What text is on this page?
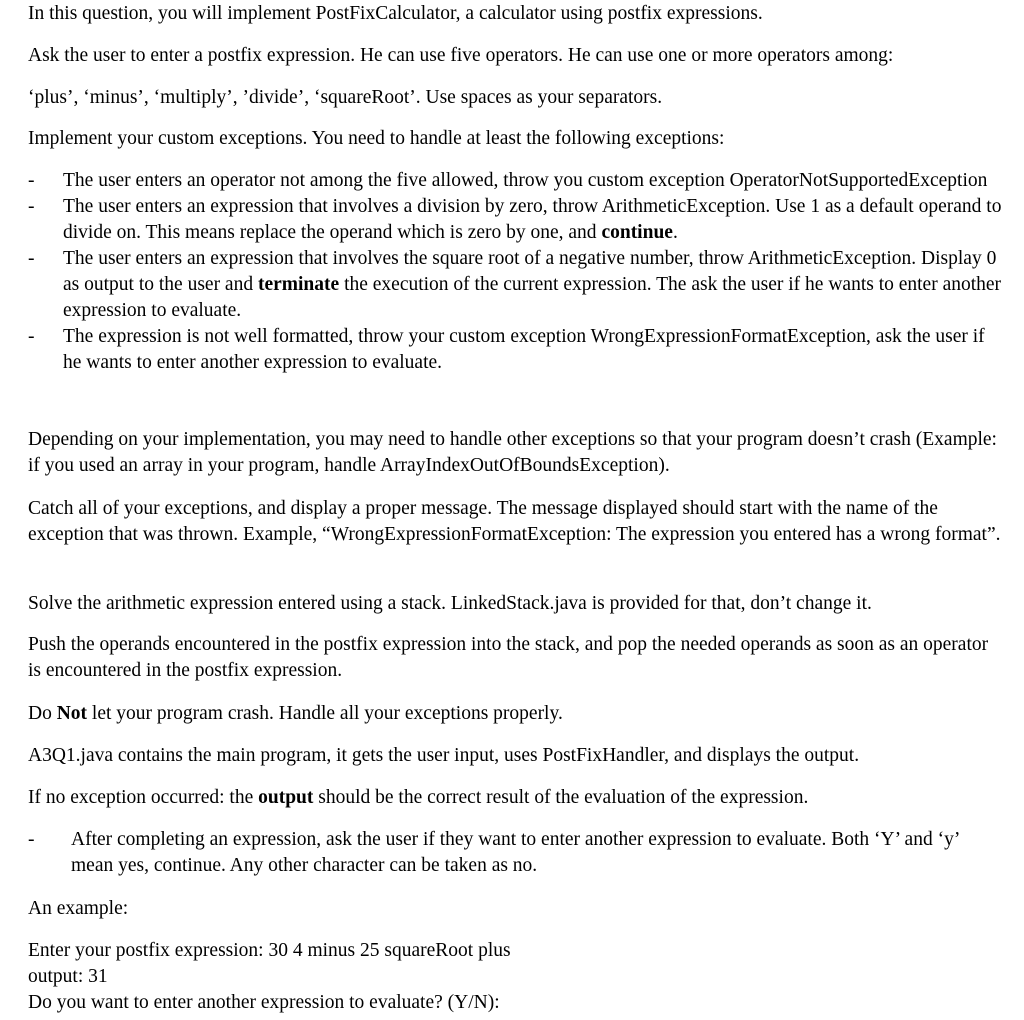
In this question, you will implement PostFixCalculator, a calculator using postfix expressions.

Ask the user to enter a postfix expression. He can use five operators. He can use one or more operators among:

‘plus’, ‘minus’, ‘multiply’, ’divide’, ‘squareRoot’. Use spaces as your separators.

Implement your custom exceptions. You need to handle at least the following exceptions:

- The user enters an operator not among the five allowed, throw you custom exception OperatorNotSupportedException
- The user enters an expression that involves a division by zero, throw ArithmeticException. Use 1 as a default operand to divide on. This means replace the operand which is zero by one, and continue.
- The user enters an expression that involves the square root of a negative number, throw ArithmeticException. Display 0 as output to the user and terminate the execution of the current expression. The ask the user if he wants to enter another expression to evaluate.
- The expression is not well formatted, throw your custom exception WrongExpressionFormatException, ask the user if he wants to enter another expression to evaluate.

Depending on your implementation, you may need to handle other exceptions so that your program doesn’t crash (Example: if you used an array in your program, handle ArrayIndexOutOfBoundsException).

Catch all of your exceptions, and display a proper message. The message displayed should start with the name of the exception that was thrown. Example, “WrongExpressionFormatException: The expression you entered has a wrong format”.

Solve the arithmetic expression entered using a stack. LinkedStack.java is provided for that, don’t change it.

Push the operands encountered in the postfix expression into the stack, and pop the needed operands as soon as an operator is encountered in the postfix expression.

Do Not let your program crash. Handle all your exceptions properly.

A3Q1.java contains the main program, it gets the user input, uses PostFixHandler, and displays the output.

If no exception occurred: the output should be the correct result of the evaluation of the expression.

- After completing an expression, ask the user if they want to enter another expression to evaluate. Both ‘Y’ and ‘y’ mean yes, continue. Any other character can be taken as no.

An example:

Enter your postfix expression: 30 4 minus 25 squareRoot plus
output: 31
Do you want to enter another expression to evaluate? (Y/N):
